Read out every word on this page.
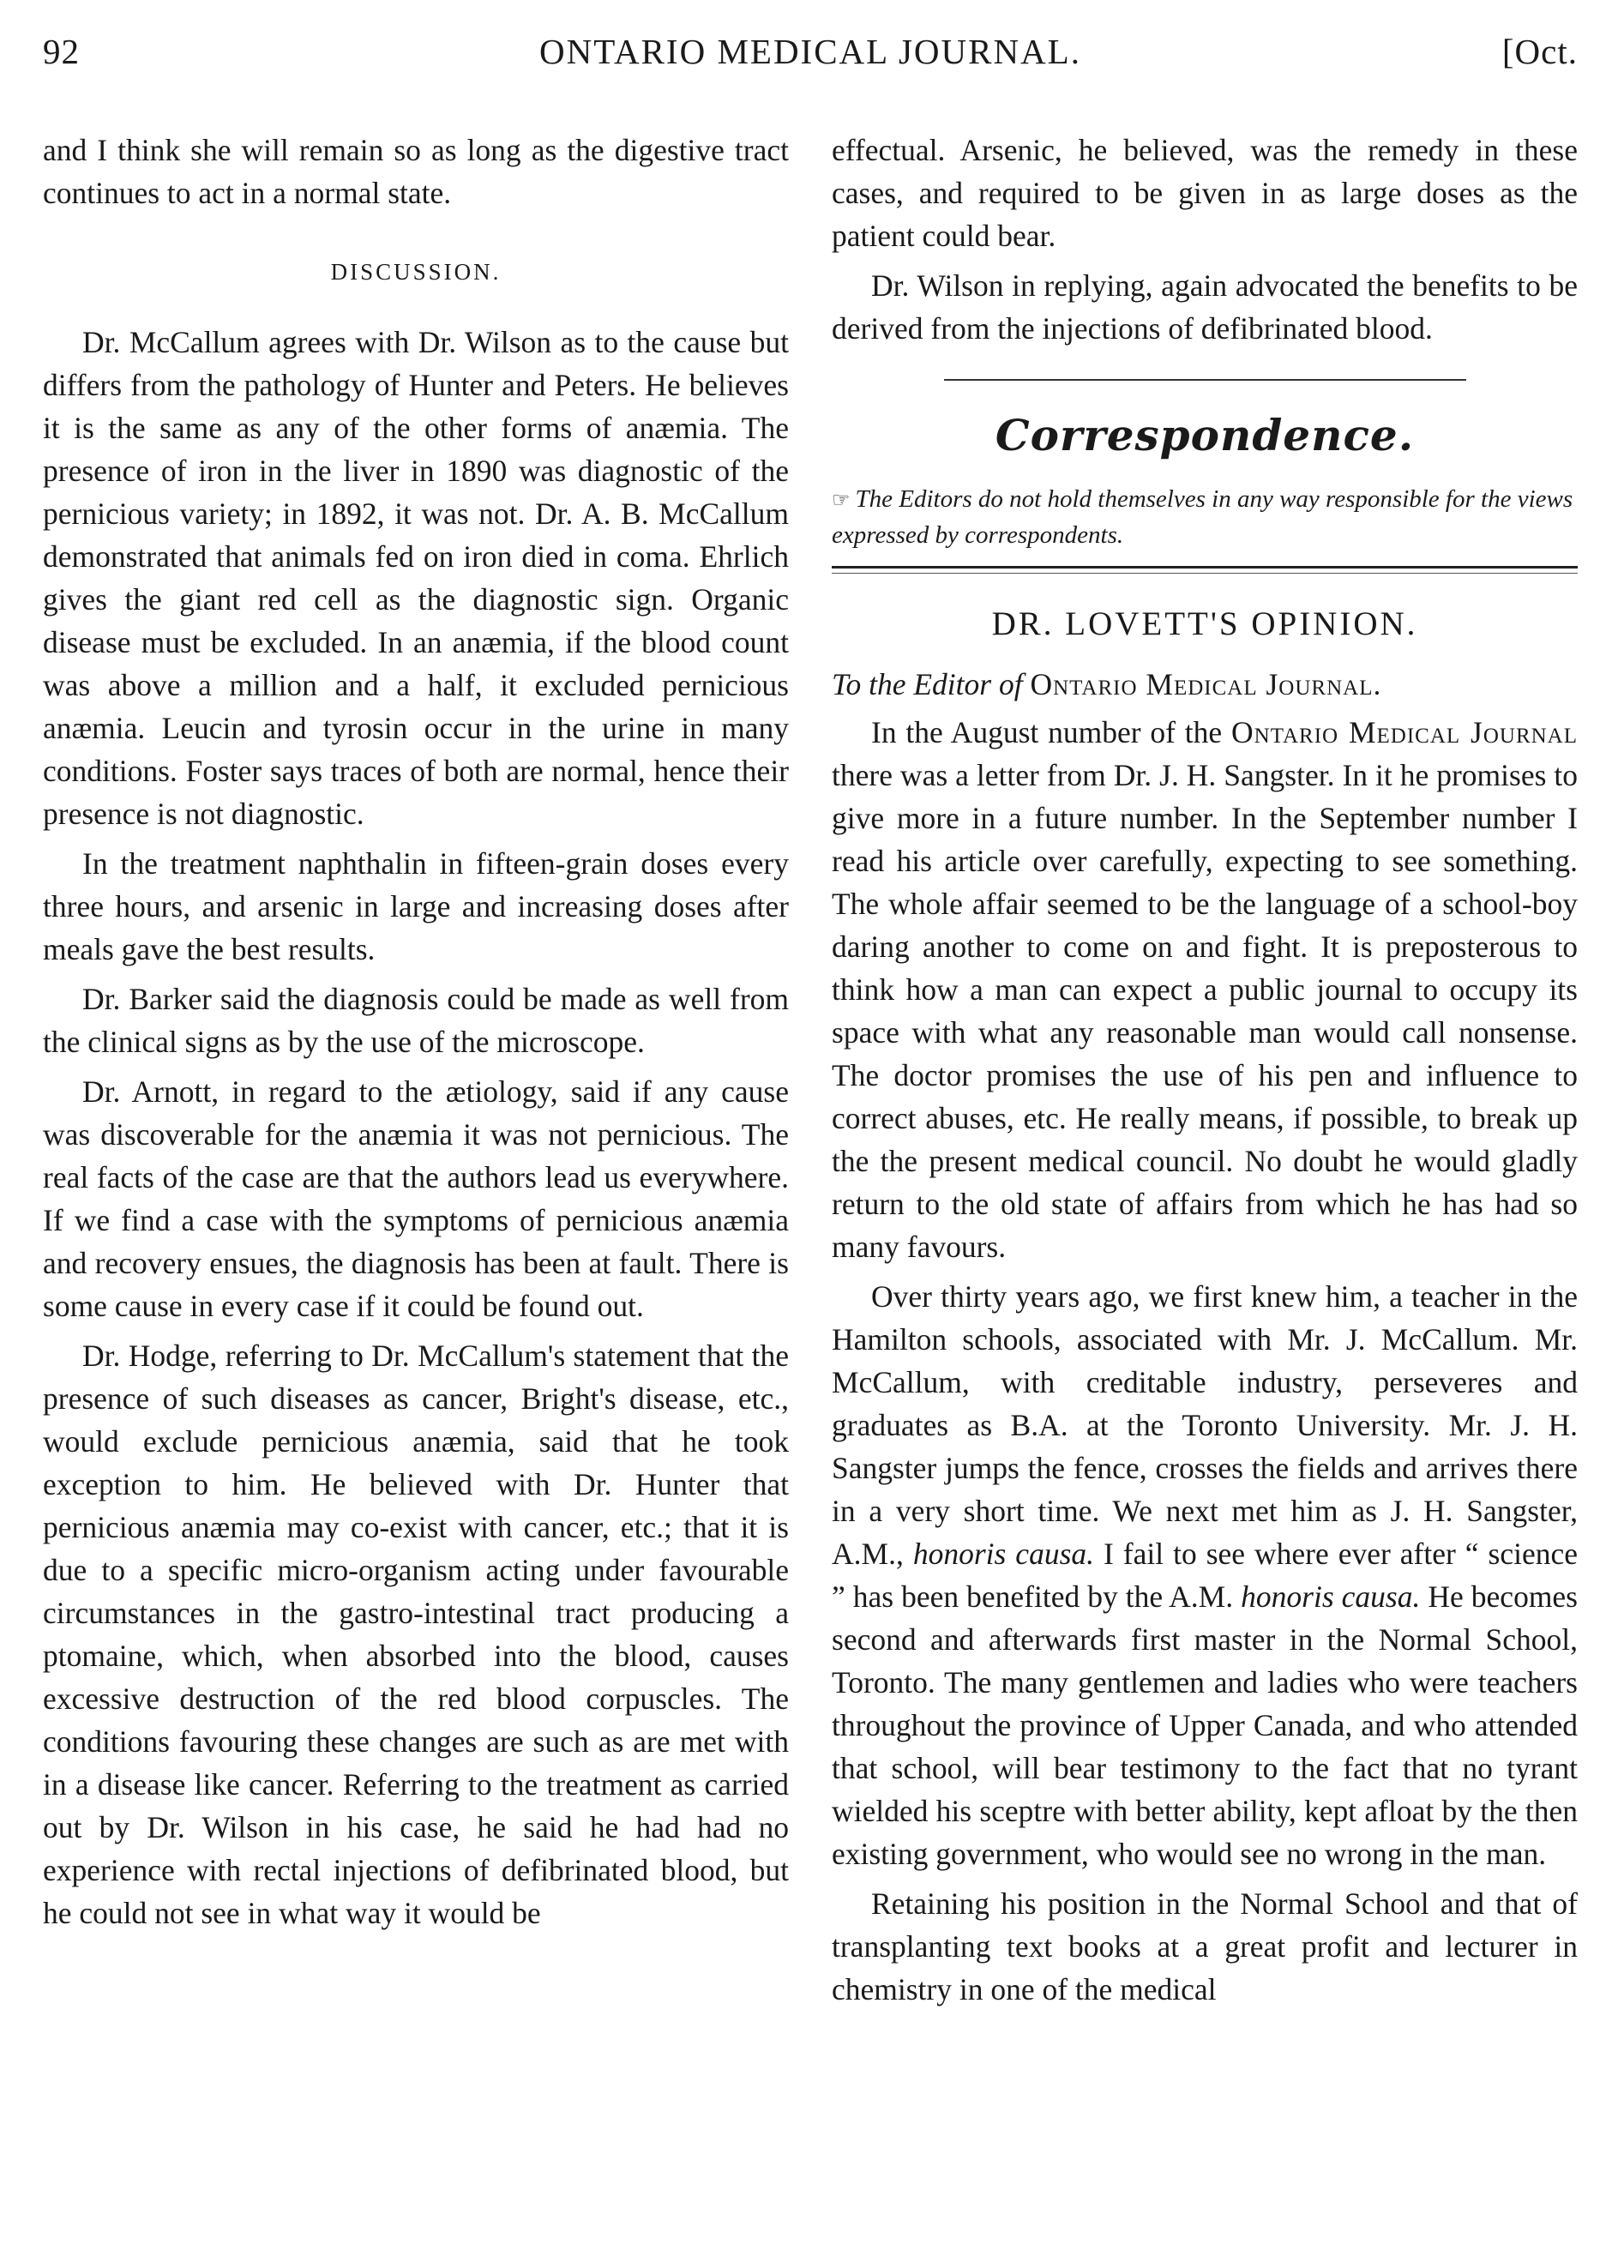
92	ONTARIO MEDICAL JOURNAL.	[Oct.

and I think she will remain so as long as the digestive tract continues to act in a normal state.

DISCUSSION.

Dr. McCallum agrees with Dr. Wilson as to the cause but differs from the pathology of Hunter and Peters. He believes it is the same as any of the other forms of anæmia. The presence of iron in the liver in 1890 was diagnostic of the pernicious variety; in 1892, it was not. Dr. A. B. McCallum demonstrated that animals fed on iron died in coma. Ehrlich gives the giant red cell as the diagnostic sign. Organic disease must be excluded. In an anæmia, if the blood count was above a million and a half, it excluded pernicious anæmia. Leucin and tyrosin occur in the urine in many conditions. Foster says traces of both are normal, hence their presence is not diagnostic.

In the treatment naphthalin in fifteen-grain doses every three hours, and arsenic in large and increasing doses after meals gave the best results.

Dr. Barker said the diagnosis could be made as well from the clinical signs as by the use of the microscope.

Dr. Arnott, in regard to the ætiology, said if any cause was discoverable for the anæmia it was not pernicious. The real facts of the case are that the authors lead us everywhere. If we find a case with the symptoms of pernicious anæmia and recovery ensues, the diagnosis has been at fault. There is some cause in every case if it could be found out.

Dr. Hodge, referring to Dr. McCallum's statement that the presence of such diseases as cancer, Bright's disease, etc., would exclude pernicious anæmia, said that he took exception to him. He believed with Dr. Hunter that pernicious anæmia may co-exist with cancer, etc.; that it is due to a specific micro-organism acting under favourable circumstances in the gastro-intestinal tract producing a ptomaine, which, when absorbed into the blood, causes excessive destruction of the red blood corpuscles. The conditions favouring these changes are such as are met with in a disease like cancer. Referring to the treatment as carried out by Dr. Wilson in his case, he said he had had no experience with rectal injections of defibrinated blood, but he could not see in what way it would be

effectual. Arsenic, he believed, was the remedy in these cases, and required to be given in as large doses as the patient could bear.

Dr. Wilson in replying, again advocated the benefits to be derived from the injections of defibrinated blood.

Correspondence.
☞ The Editors do not hold themselves in any way responsible for the views expressed by correspondents.
DR. LOVETT'S OPINION.
To the Editor of Ontario Medical Journal.

In the August number of the Ontario Medical Journal there was a letter from Dr. J. H. Sangster. In it he promises to give more in a future number. In the September number I read his article over carefully, expecting to see something. The whole affair seemed to be the language of a school-boy daring another to come on and fight. It is preposterous to think how a man can expect a public journal to occupy its space with what any reasonable man would call nonsense. The doctor promises the use of his pen and influence to correct abuses, etc. He really means, if possible, to break up the the present medical council. No doubt he would gladly return to the old state of affairs from which he has had so many favours.

Over thirty years ago, we first knew him, a teacher in the Hamilton schools, associated with Mr. J. McCallum. Mr. McCallum, with creditable industry, perseveres and graduates as B.A. at the Toronto University. Mr. J. H. Sangster jumps the fence, crosses the fields and arrives there in a very short time. We next met him as J. H. Sangster, A.M., honoris causa. I fail to see where ever after “ science ” has been benefited by the A.M. honoris causa. He becomes second and afterwards first master in the Normal School, Toronto. The many gentlemen and ladies who were teachers throughout the province of Upper Canada, and who attended that school, will bear testimony to the fact that no tyrant wielded his sceptre with better ability, kept afloat by the then existing government, who would see no wrong in the man.

Retaining his position in the Normal School and that of transplanting text books at a great profit and lecturer in chemistry in one of the medical
